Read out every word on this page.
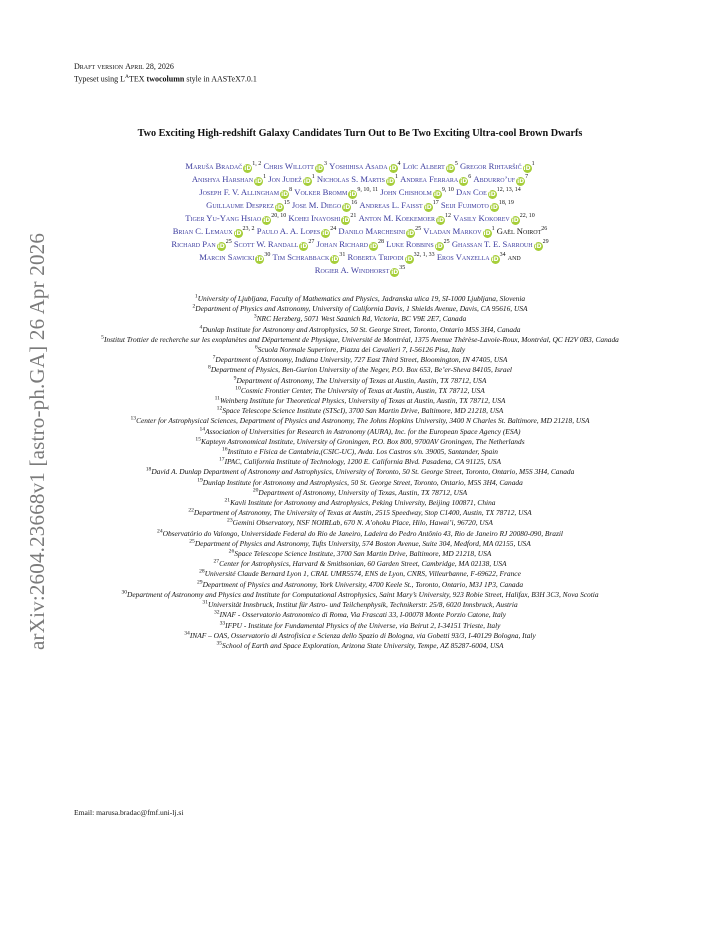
arXiv:2604.23668v1 [astro-ph.GA] 26 Apr 2026
Draft version April 28, 2026
Typeset using $L^ATEX$ twocolumn style in AASTeX7.0.1
Two Exciting High-redshift Galaxy Candidates Turn Out to Be Two Exciting Ultra-cool Brown Dwarfs
Maruša Bradač iD$^{1, 2}$ Chris Willott $iD^3$ Yoshihisa Asada $iD^4$ Loïc Albert $iD^5$ Gregor Rihtaršič $iD^1$
Anishya Harshan $iD^1$ Jon Judež $iD^1$ Nicholas S. Martis $iD^1$ Andrea Ferrara $iD^6$ Abdurro’uf $iD^7$
Joseph F. V. Allingham $iD^8$ Volker Bromm iD$^{9, 10, 11}$ John Chisholm iD$^{9, 10}$ Dan Coe iD$^{12, 13, 14}$
Guillaume Desprez $iD^{15}$ Jose M. Diego $iD^{16}$ Andreas L. Faisst $iD^{17}$ Seiji Fujimoto iD$^{18, 19}$
Tiger Yu-Yang Hsiao iD$^{20, 10}$ Kohei Inayoshi $iD^{21}$ Anton M. Koekemoer $iD^{12}$ Vasily Kokorev iD$^{22, 10}$
Brian C. Lemaux iD$^{23, 2}$ Paulo A. A. Lopes $iD^{24}$ Danilo Marchesini $iD^{25}$ Vladan Markov $iD^1$ Gaël Noirot$^{26}$
Richard Pan $iD^{25}$ Scott W. Randall $iD^{27}$ Johan Richard $iD^{28}$ Luke Robbins $iD^{25}$ Ghassan T. E. Sarrouh $iD^{29}$
Marcin Sawicki $iD^{30}$ Tim Schrabback $iD^{31}$ Roberta Tripodi iD$^{32, 1, 33}$ Eros Vanzella $iD^{34}$ and
Rogier A. Windhorst $iD^{35}$
$^1$University of Ljubljana, Faculty of Mathematics and Physics, Jadranska ulica 19, SI-1000 Ljubljana, Slovenia
$^2$Department of Physics and Astronomy, University of California Davis, 1 Shields Avenue, Davis, CA 95616, USA
$^3$NRC Herzberg, 5071 West Saanich Rd, Victoria, BC V9E 2E7, Canada
$^4$Dunlap Institute for Astronomy and Astrophysics, 50 St. George Street, Toronto, Ontario M5S 3H4, Canada
$^5$Institut Trottier de recherche sur les exoplanètes and Département de Physique, Université de Montréal, 1375 Avenue Thérèse-Lavoie-Roux, Montréal, QC H2V 0B3, Canada
$^6$Scuola Normale Superiore, Piazza dei Cavalieri 7, I-56126 Pisa, Italy
$^7$Department of Astronomy, Indiana University, 727 East Third Street, Bloomington, IN 47405, USA
$^8$Department of Physics, Ben-Gurion University of the Negev, P.O. Box 653, Be’er-Sheva 84105, Israel
$^9$Department of Astronomy, The University of Texas at Austin, Austin, TX 78712, USA
$^{10}$Cosmic Frontier Center, The University of Texas at Austin, Austin, TX 78712, USA
$^{11}$Weinberg Institute for Theoretical Physics, University of Texas at Austin, Austin, TX 78712, USA
$^{12}$Space Telescope Science Institute (STScI), 3700 San Martin Drive, Baltimore, MD 21218, USA
$^{13}$Center for Astrophysical Sciences, Department of Physics and Astronomy, The Johns Hopkins University, 3400 N Charles St. Baltimore, MD 21218, USA
$^{14}$Association of Universities for Research in Astronomy (AURA), Inc. for the European Space Agency (ESA)
$^{15}$Kapteyn Astronomical Institute, University of Groningen, P.O. Box 800, 9700AV Groningen, The Netherlands
$^{16}$Instituto e Física de Cantabria,(CSIC-UC), Avda. Los Castros s/n. 39005, Santander, Spain
$^{17}$IPAC, California Institute of Technology, 1200 E. California Blvd. Pasadena, CA 91125, USA
$^{18}$David A. Dunlap Department of Astronomy and Astrophysics, University of Toronto, 50 St. George Street, Toronto, Ontario, M5S 3H4, Canada
$^{19}$Dunlap Institute for Astronomy and Astrophysics, 50 St. George Street, Toronto, Ontario, M5S 3H4, Canada
$^{20}$Department of Astronomy, University of Texas, Austin, TX 78712, USA
$^{21}$Kavli Institute for Astronomy and Astrophysics, Peking University, Beijing 100871, China
$^{22}$Department of Astronomy, The University of Texas at Austin, 2515 Speedway, Stop C1400, Austin, TX 78712, USA
$^{23}$Gemini Observatory, NSF NOIRLab, 670 N. A’ohoku Place, Hilo, Hawai’i, 96720, USA
$^{24}$Observatório do Valongo, Universidade Federal do Rio de Janeiro, Ladeira do Pedro Antônio 43, Rio de Janeiro RJ 20080-090, Brazil
$^{25}$Department of Physics and Astronomy, Tufts University, 574 Boston Avenue, Suite 304, Medford, MA 02155, USA
$^{26}$Space Telescope Science Institute, 3700 San Martin Drive, Baltimore, MD 21218, USA
$^{27}$Center for Astrophysics, Harvard & Smithsonian, 60 Garden Street, Cambridge, MA 02138, USA
$^{28}$Université Claude Bernard Lyon 1, CRAL UMR5574, ENS de Lyon, CNRS, Villeurbanne, F-69622, France
$^{29}$Department of Physics and Astronomy, York University, 4700 Keele St., Toronto, Ontario, M3J 1P3, Canada
$^{30}$Department of Astronomy and Physics and Institute for Computational Astrophysics, Saint Mary’s University, 923 Robie Street, Halifax, B3H 3C3, Nova Scotia
$^{31}$Universität Innsbruck, Institut für Astro- und Teilchenphysik, Technikerstr. 25/8, 6020 Innsbruck, Austria
$^{32}$INAF - Osservatorio Astronomico di Roma, Via Frascati 33, I-00078 Monte Porzio Catone, Italy
$^{33}$IFPU - Institute for Fundamental Physics of the Universe, via Beirut 2, I-34151 Trieste, Italy
$^{34}$INAF – OAS, Osservatorio di Astrofisica e Scienza dello Spazio di Bologna, via Gobetti 93/3, I-40129 Bologna, Italy
$^{35}$School of Earth and Space Exploration, Arizona State University, Tempe, AZ 85287-6004, USA
Email: marusa.bradac@fmf.uni-lj.si
